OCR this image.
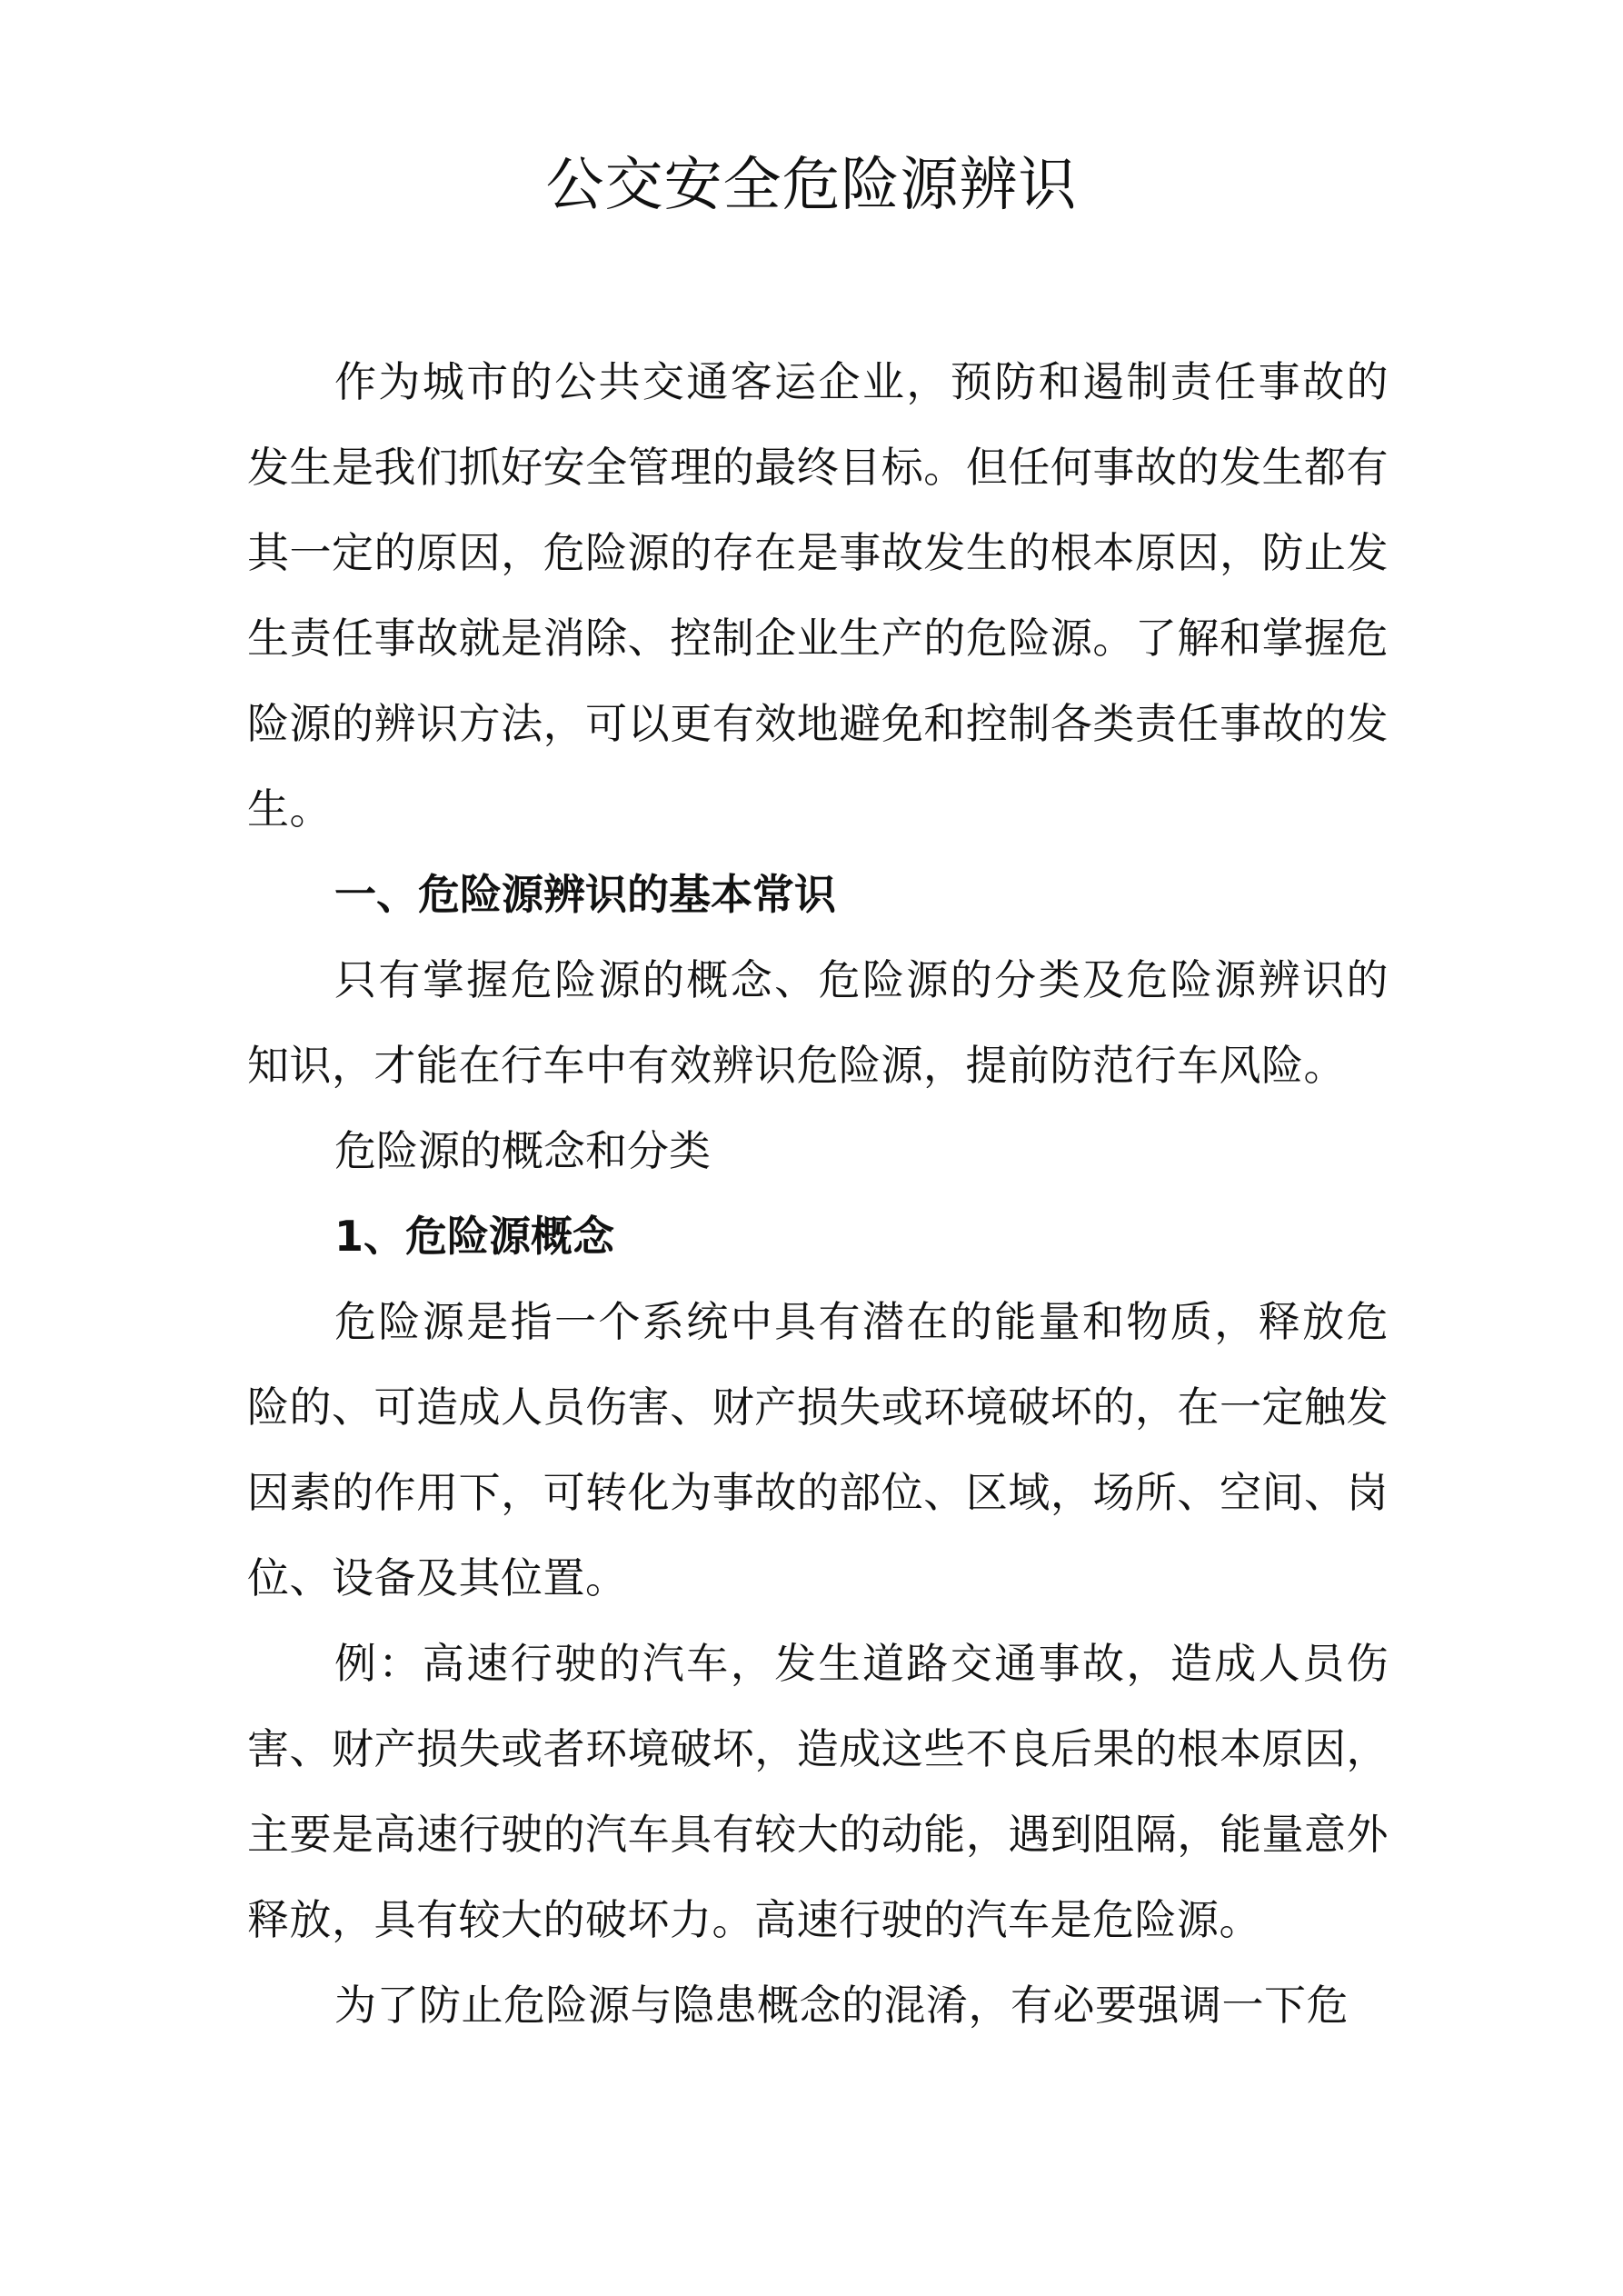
公交安全危险源辨识

作为城市的公共交通客运企业，预防和遏制责任事故的发生是我们抓好安全管理的最终目标。但任何事故的发生都有其一定的原因，危险源的存在是事故发生的根本原因，防止发生责任事故就是消除、控制企业生产的危险源。了解和掌握危险源的辨识方法，可以更有效地避免和控制各类责任事故的发生。

一、危险源辨识的基本常识

只有掌握危险源的概念、危险源的分类及危险源辨识的知识，才能在行车中有效辨识危险源，提前防范行车风险。

危险源的概念和分类

1、危险源概念

危险源是指一个系统中具有潜在的能量和物质，释放危险的、可造成人员伤害、财产损失或环境破坏的，在一定触发因素的作用下，可转化为事故的部位、区域，场所、空间、岗位、设备及其位置。

例：高速行驶的汽车，发生道路交通事故，造成人员伤害、财产损失或者环境破坏，造成这些不良后果的根本原因，主要是高速行驶的汽车具有较大的动能，遇到阻隔，能量意外释放，具有较大的破坏力。高速行驶的汽车是危险源。

为了防止危险源与隐患概念的混淆，有必要强调一下危
